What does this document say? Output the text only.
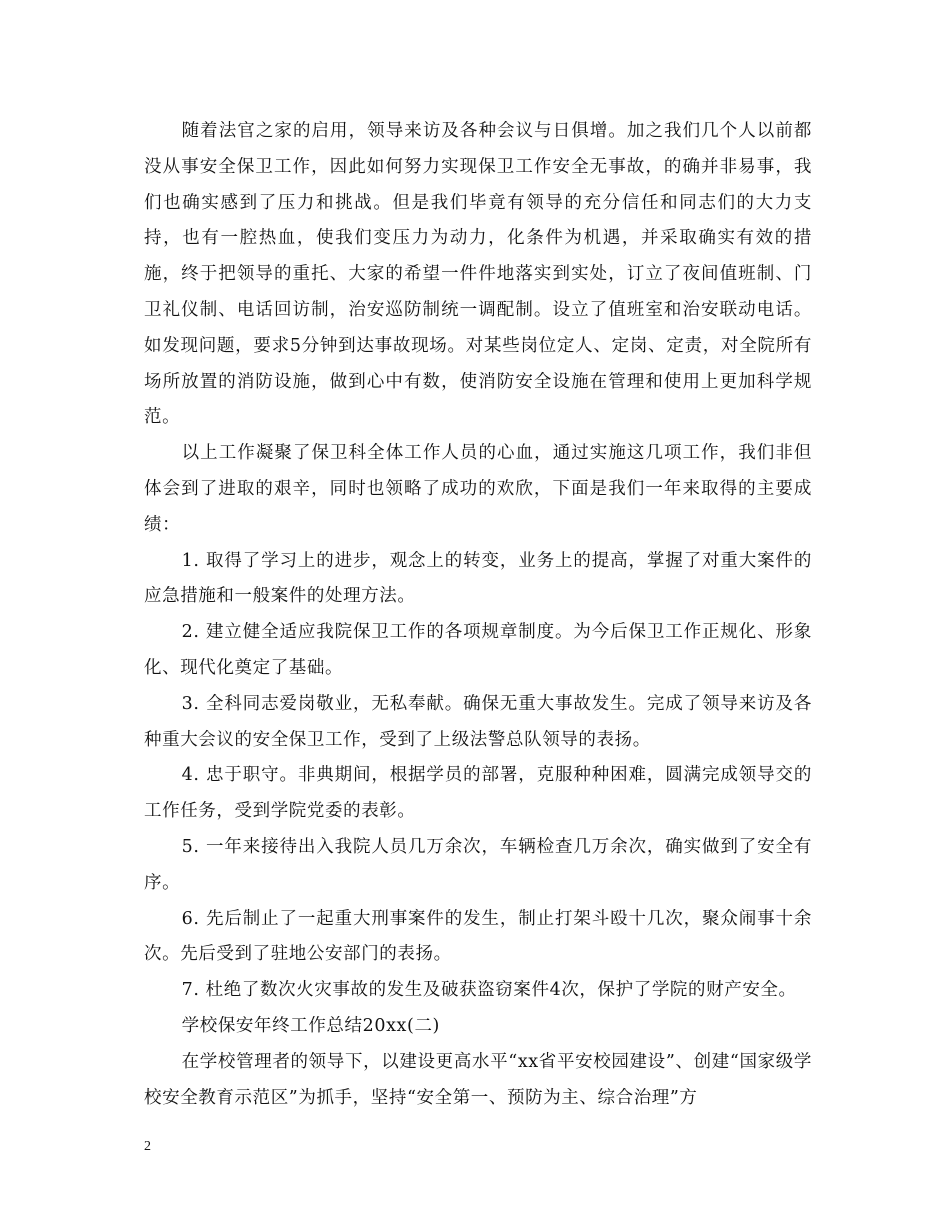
随着法官之家的启用，领导来访及各种会议与日俱增。加之我们几个人以前都没从事安全保卫工作，因此如何努力实现保卫工作安全无事故，的确并非易事，我们也确实感到了压力和挑战。但是我们毕竟有领导的充分信任和同志们的大力支持，也有一腔热血，使我们变压力为动力，化条件为机遇，并采取确实有效的措施，终于把领导的重托、大家的希望一件件地落实到实处，订立了夜间值班制、门卫礼仪制、电话回访制，治安巡防制统一调配制。设立了值班室和治安联动电话。如发现问题，要求5分钟到达事故现场。对某些岗位定人、定岗、定责，对全院所有场所放置的消防设施，做到心中有数，使消防安全设施在管理和使用上更加科学规范。

以上工作凝聚了保卫科全体工作人员的心血，通过实施这几项工作，我们非但体会到了进取的艰辛，同时也领略了成功的欢欣，下面是我们一年来取得的主要成绩：

1. 取得了学习上的进步，观念上的转变，业务上的提高，掌握了对重大案件的应急措施和一般案件的处理方法。

2. 建立健全适应我院保卫工作的各项规章制度。为今后保卫工作正规化、形象化、现代化奠定了基础。

3. 全科同志爱岗敬业，无私奉献。确保无重大事故发生。完成了领导来访及各种重大会议的安全保卫工作，受到了上级法警总队领导的表扬。

4. 忠于职守。非典期间，根据学员的部署，克服种种困难，圆满完成领导交的工作任务，受到学院党委的表彰。

5. 一年来接待出入我院人员几万余次，车辆检查几万余次，确实做到了安全有序。

6. 先后制止了一起重大刑事案件的发生，制止打架斗殴十几次，聚众闹事十余次。先后受到了驻地公安部门的表扬。

7. 杜绝了数次火灾事故的发生及破获盗窃案件4次，保护了学院的财产安全。

学校保安年终工作总结20xx(二)

在学校管理者的领导下，以建设更高水平“xx省平安校园建设”、创建“国家级学校安全教育示范区”为抓手，坚持“安全第一、预防为主、综合治理”方

2
